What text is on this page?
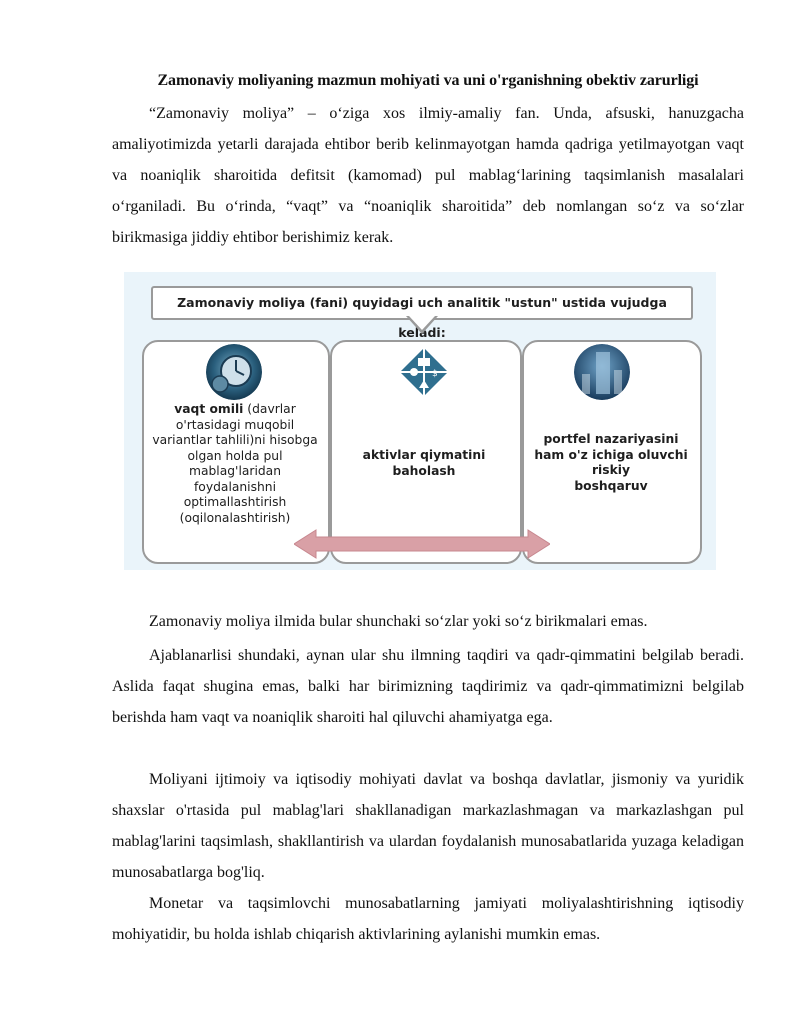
Zamonaviy moliyaning mazmun mohiyati va uni o'rganishning obektiv zarurligi

“Zamonaviy moliya” – o‘ziga xos ilmiy-amaliy fan. Unda, afsuski, hanuzgacha amaliyotimizda yetarli darajada ehtibor berib kelinmayotgan hamda qadriga yetilmayotgan vaqt va noaniqlik sharoitida defitsit (kamomad) pul mablag‘larining taqsimlanish masalalari o‘rganiladi. Bu o‘rinda, “vaqt” va “noaniqlik sharoitida” deb nomlangan so‘z va so‘zlar birikmasiga jiddiy ehtibor berishimiz kerak.

Zamonaviy moliya (fani) quyidagi uch analitik "ustun" ustida vujudga keladi:
$
vaqt omili (davrlar o'rtasidagi muqobil variantlar tahlili)ni hisobga olgan holda pul mablag'laridan foydalanishni optimallashtirish (oqilonalashtirish)
aktivlar qiymatini baholash
portfel nazariyasini
ham o'z ichiga oluvchi
riskiy
boshqaruv

Zamonaviy moliya ilmida bular shunchaki so‘zlar yoki so‘z birikmalari emas.

Ajablanarlisi shundaki, aynan ular shu ilmning taqdiri va qadr-qimmatini belgilab beradi. Aslida faqat shugina emas, balki har birimizning taqdirimiz va qadr-qimmatimizni belgilab berishda ham vaqt va noaniqlik sharoiti hal qiluvchi ahamiyatga ega.

Moliyani ijtimoiy va iqtisodiy mohiyati davlat va boshqa davlatlar, jismoniy va yuridik shaxslar o'rtasida pul mablag'lari shakllanadigan markazlashmagan va markazlashgan pul mablag'larini taqsimlash, shakllantirish va ulardan foydalanish munosabatlarida yuzaga keladigan munosabatlarga bog'liq.

Monetar va taqsimlovchi munosabatlarning jamiyati moliyalashtirishning iqtisodiy mohiyatidir, bu holda ishlab chiqarish aktivlarining aylanishi mumkin emas.
